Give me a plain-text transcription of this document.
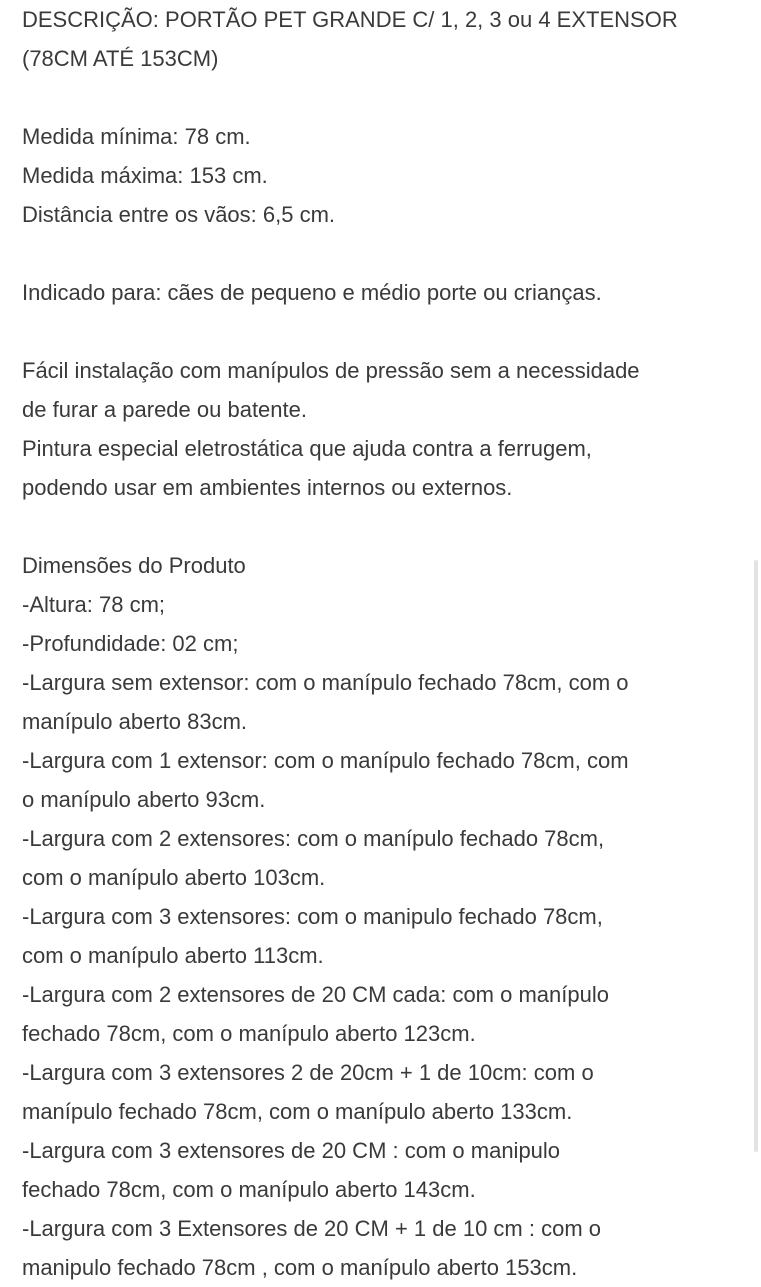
DESCRIÇÃO: PORTÃO PET GRANDE C/ 1, 2, 3 ou 4 EXTENSOR
(78CM ATÉ 153CM)
Medida mínima: 78 cm.
Medida máxima: 153 cm.
Distância entre os vãos: 6,5 cm.
Indicado para: cães de pequeno e médio porte ou crianças.
Fácil instalação com manípulos de pressão sem a necessidade
de furar a parede ou batente.
Pintura especial eletrostática que ajuda contra a ferrugem,
podendo usar em ambientes internos ou externos.
Dimensões do Produto
-Altura: 78 cm;
-Profundidade: 02 cm;
-Largura sem extensor: com o manípulo fechado 78cm, com o
manípulo aberto 83cm.
-Largura com 1 extensor: com o manípulo fechado 78cm, com
o manípulo aberto 93cm.
-Largura com 2 extensores: com o manípulo fechado 78cm,
com o manípulo aberto 103cm.
-Largura com 3 extensores: com o manipulo fechado 78cm,
com o manípulo aberto 113cm.
-Largura com 2 extensores de 20 CM cada: com o manípulo
fechado 78cm, com o manípulo aberto 123cm.
-Largura com 3 extensores 2 de 20cm + 1 de 10cm: com o
manípulo fechado 78cm, com o manípulo aberto 133cm.
-Largura com 3 extensores de 20 CM : com o manipulo
fechado 78cm, com o manípulo aberto 143cm.
-Largura com 3 Extensores de 20 CM + 1 de 10 cm : com o
manipulo fechado 78cm , com o manípulo aberto 153cm.
